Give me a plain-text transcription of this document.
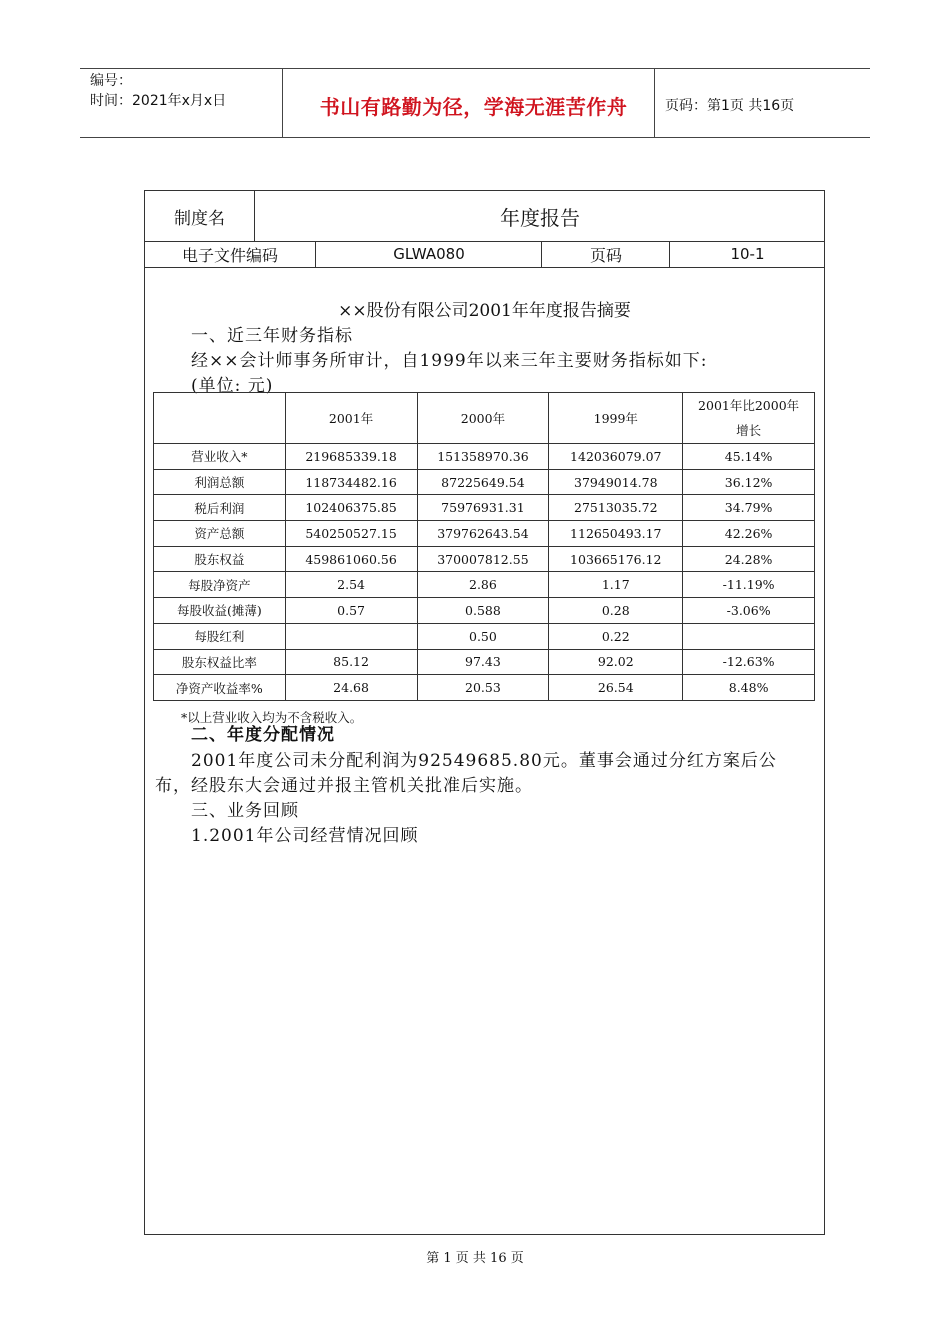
编号：
时间：2021年x月x日	书山有路勤为径，学海无涯苦作舟	页码：第1页 共16页
制度名	年度报告
电子文件编码	GLWA080	页码	10-1
××股份有限公司2001年年度报告摘要
一、近三年财务指标
经××会计师事务所审计，自1999年以来三年主要财务指标如下:
(单位: 元)
	2001年	2000年	1999年	2001年比2000年增长
营业收入*	219685339.18	151358970.36	142036079.07	45.14%
利润总额	118734482.16	87225649.54	37949014.78	36.12%
税后利润	102406375.85	75976931.31	27513035.72	34.79%
资产总额	540250527.15	379762643.54	112650493.17	42.26%
股东权益	459861060.56	370007812.55	103665176.12	24.28%
每股净资产	2.54	2.86	1.17	-11.19%
每股收益(摊薄)	0.57	0.588	0.28	-3.06%
每股红利		0.50	0.22	
股东权益比率	85.12	97.43	92.02	-12.63%
净资产收益率%	24.68	20.53	26.54	8.48%
*以上营业收入均为不含税收入。
二、年度分配情况
2001年度公司未分配利润为92549685.80元。董事会通过分红方案后公
布，经股东大会通过并报主管机关批准后实施。
三、业务回顾
1.2001年公司经营情况回顾
第 1 页 共 16 页
